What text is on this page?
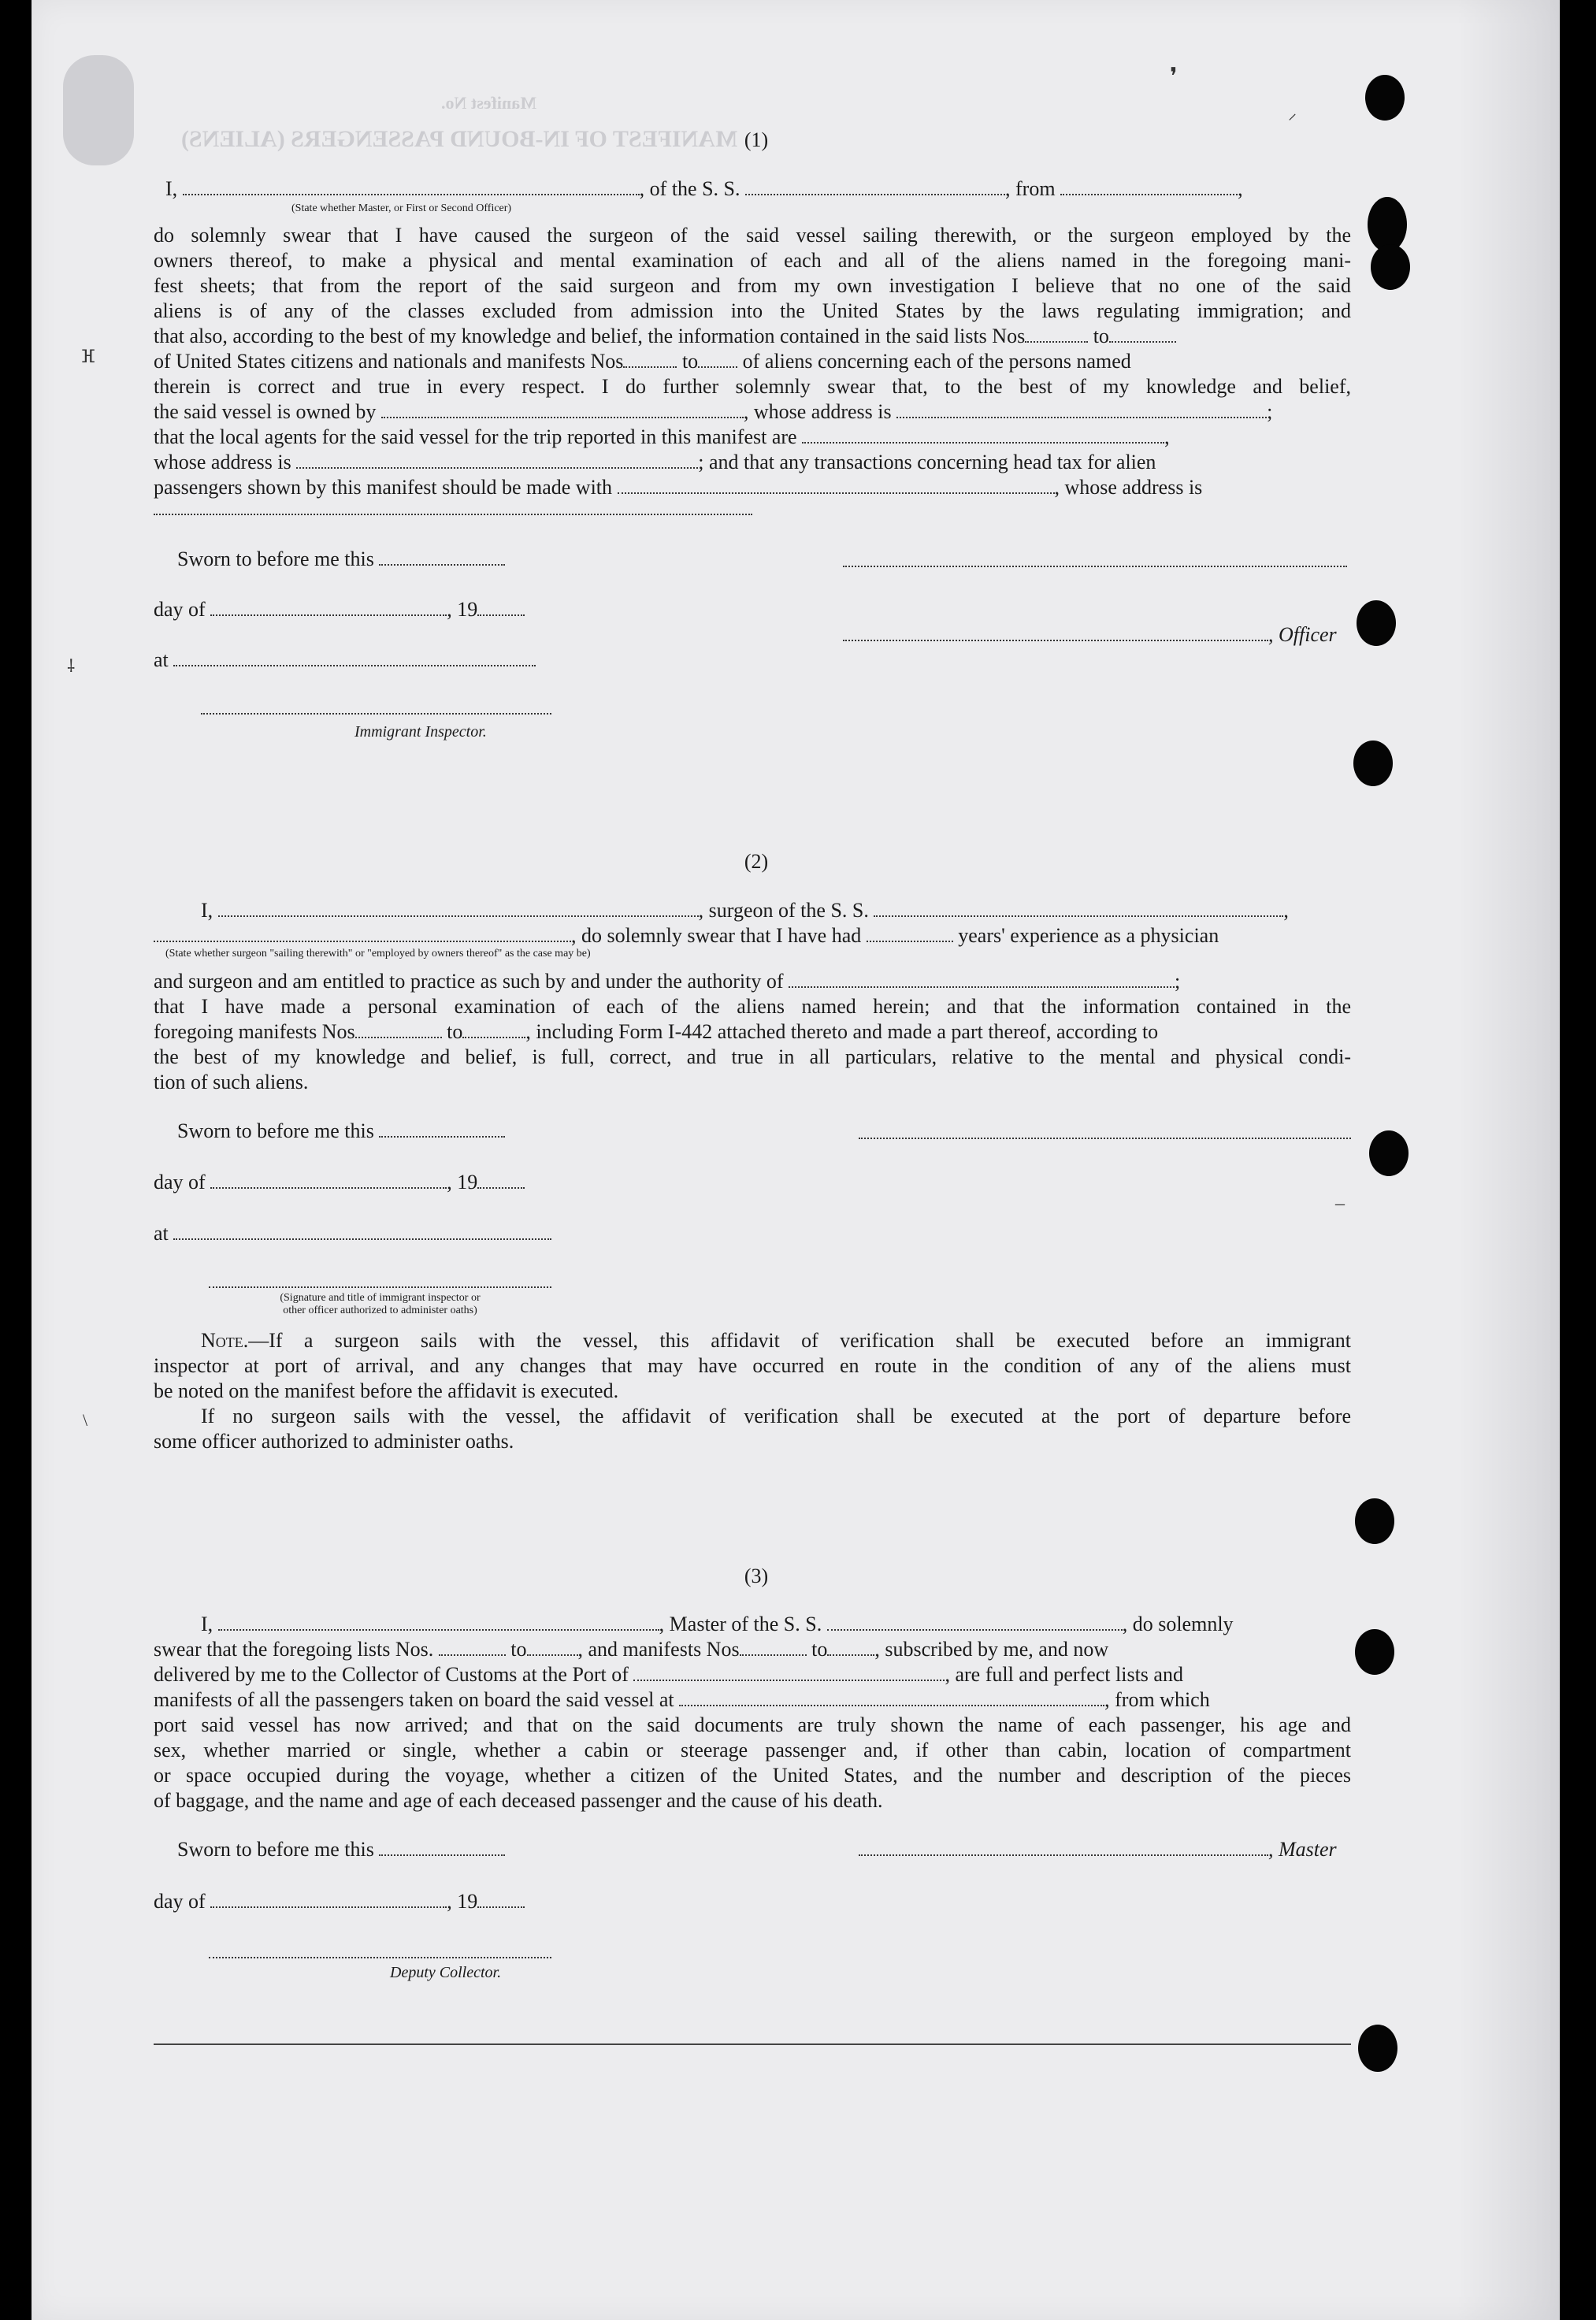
MANIFEST OF IN-BOUND PASSENGERS (ALIENS)
Manifest No.
(1)
I,	, of the S. S.	, from	,
(State whether Master, or First or Second Officer)
do solemnly swear that I have caused the surgeon of the said vessel sailing therewith, or the surgeon employed by the
owners thereof, to make a physical and mental examination of each and all of the aliens named in the foregoing mani-
fest sheets; that from the report of the said surgeon and from my own investigation I believe that no one of the said
aliens is of any of the classes excluded from admission into the United States by the laws regulating immigration; and
that also, according to the best of my knowledge and belief, the information contained in the said lists Nos	to
of United States citizens and nationals and manifests Nos	to of aliens concerning each of the persons named
therein is correct and true in every respect. I do further solemnly swear that, to the best of my knowledge and belief,
the said vessel is owned by	, whose address is	;
that the local agents for the said vessel for the trip reported in this manifest are	,
whose address is	; and that any transactions concerning head tax for alien
passengers shown by this manifest should be made with	, whose address is
Sworn to before me this
day of	, 19
, Officer
at
Immigrant Inspector.
(2)
I,	, surgeon of the S. S.	,
, do solemnly swear that I have had	years' experience as a physician
(State whether surgeon "sailing therewith" or "employed by owners thereof" as the case may be)
and surgeon and am entitled to practice as such by and under the authority of	;
that I have made a personal examination of each of the aliens named herein; and that the information contained in the
foregoing manifests Nos	to	, including Form I-442 attached thereto and made a part thereof, according to
the best of my knowledge and belief, is full, correct, and true in all particulars, relative to the mental and physical condi-
tion of such aliens.
Sworn to before me this
day of	, 19
at
(Signature and title of immigrant inspector or
other officer authorized to administer oaths)
Note.—If a surgeon sails with the vessel, this affidavit of verification shall be executed before an immigrant
inspector at port of arrival, and any changes that may have occurred en route in the condition of any of the aliens must
be noted on the manifest before the affidavit is executed.
If no surgeon sails with the vessel, the affidavit of verification shall be executed at the port of departure before
some officer authorized to administer oaths.
(3)
I,	, Master of the S. S.	, do solemnly
swear that the foregoing lists Nos.	to	, and manifests Nos	to , subscribed by me, and now
delivered by me to the Collector of Customs at the Port of	, are full and perfect lists and
manifests of all the passengers taken on board the said vessel at	, from which
port said vessel has now arrived; and that on the said documents are truly shown the name of each passenger, his age and
sex, whether married or single, whether a cabin or steerage passenger and, if other than cabin, location of compartment
or space occupied during the voyage, whether a citizen of the United States, and the number and description of the pieces
of baggage, and the name and age of each deceased passenger and the cause of his death.
Sworn to before me this	, Master
day of	, 19
Deputy Collector.
❜
⸝
–
\
ⴼ
⸸
